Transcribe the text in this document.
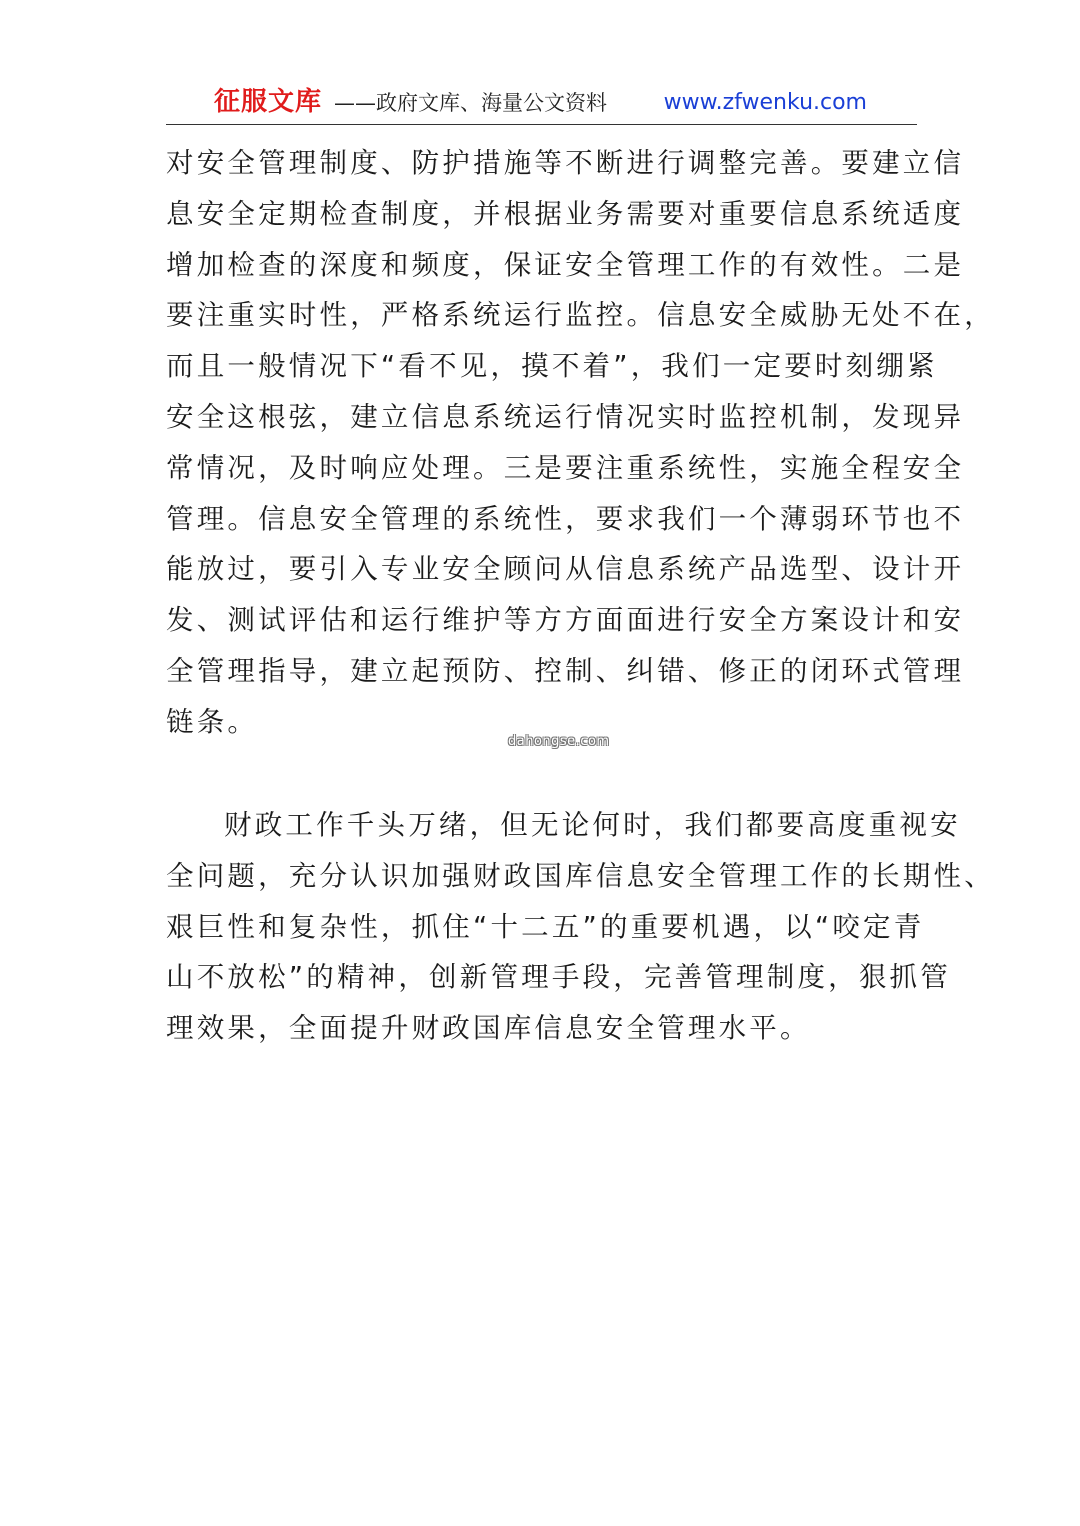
征服文库 ——政府文库、海量公文资料	www.zfwenku.com
对安全管理制度、防护措施等不断进行调整完善。要建立信
息安全定期检查制度，并根据业务需要对重要信息系统适度
增加检查的深度和频度，保证安全管理工作的有效性。二是
要注重实时性，严格系统运行监控。信息安全威胁无处不在，
而且一般情况下“看不见，摸不着”，我们一定要时刻绷紧
安全这根弦，建立信息系统运行情况实时监控机制，发现异
常情况，及时响应处理。三是要注重系统性，实施全程安全
管理。信息安全管理的系统性，要求我们一个薄弱环节也不
能放过，要引入专业安全顾问从信息系统产品选型、设计开
发、测试评估和运行维护等方方面面进行安全方案设计和安
全管理指导，建立起预防、控制、纠错、修正的闭环式管理
链条。
dahongse.com
财政工作千头万绪，但无论何时，我们都要高度重视安
全问题，充分认识加强财政国库信息安全管理工作的长期性、
艰巨性和复杂性，抓住“十二五”的重要机遇，以“咬定青
山不放松”的精神，创新管理手段，完善管理制度，狠抓管
理效果，全面提升财政国库信息安全管理水平。
